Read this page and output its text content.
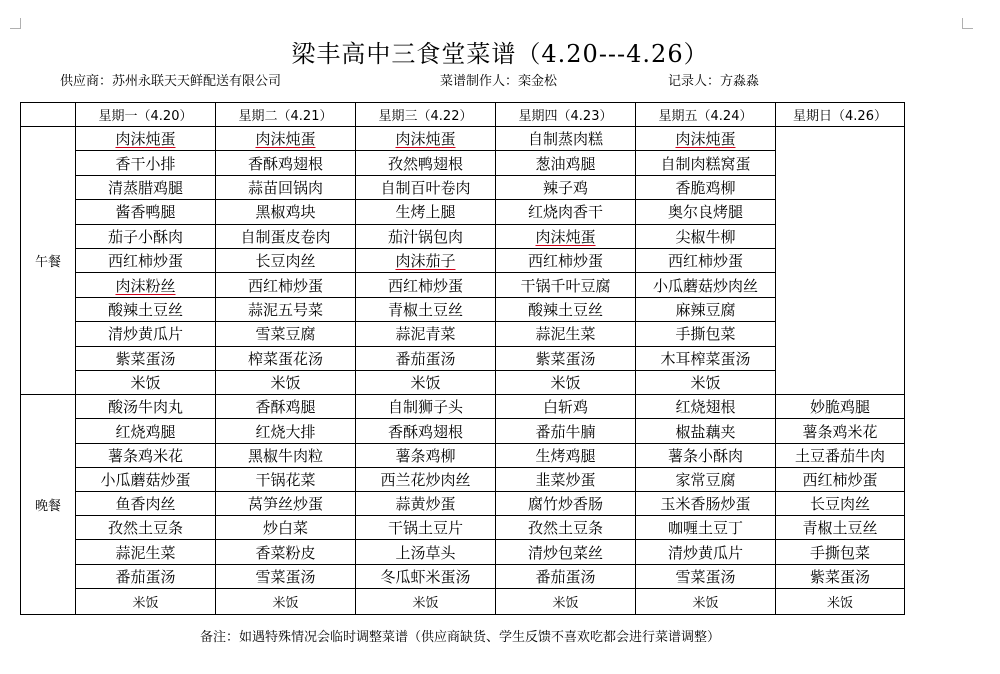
梁丰高中三食堂菜谱（4.20---4.26）
供应商：苏州永联天天鲜配送有限公司	菜谱制作人：栾金松	记录人：方淼淼
	星期一（4.20）	星期二（4.21）	星期三（4.22）	星期四（4.23）	星期五（4.24）	星期日（4.26）
午餐	肉沫炖蛋	肉沫炖蛋	肉沫炖蛋	自制蒸肉糕	肉沫炖蛋	
	香干小排	香酥鸡翅根	孜然鸭翅根	葱油鸡腿	自制肉糕窝蛋	
	清蒸腊鸡腿	蒜苗回锅肉	自制百叶卷肉	辣子鸡	香脆鸡柳	
	酱香鸭腿	黑椒鸡块	生烤上腿	红烧肉香干	奥尔良烤腿	
	茄子小酥肉	自制蛋皮卷肉	茄汁锅包肉	肉沫炖蛋	尖椒牛柳	
	西红柿炒蛋	长豆肉丝	肉沫茄子	西红柿炒蛋	西红柿炒蛋	
	肉沫粉丝	西红柿炒蛋	西红柿炒蛋	干锅千叶豆腐	小瓜蘑菇炒肉丝	
	酸辣土豆丝	蒜泥五号菜	青椒土豆丝	酸辣土豆丝	麻辣豆腐	
	清炒黄瓜片	雪菜豆腐	蒜泥青菜	蒜泥生菜	手撕包菜	
	紫菜蛋汤	榨菜蛋花汤	番茄蛋汤	紫菜蛋汤	木耳榨菜蛋汤	
	米饭	米饭	米饭	米饭	米饭	
晚餐	酸汤牛肉丸	香酥鸡腿	自制狮子头	白斩鸡	红烧翅根	妙脆鸡腿
	红烧鸡腿	红烧大排	香酥鸡翅根	番茄牛腩	椒盐藕夹	薯条鸡米花
	薯条鸡米花	黑椒牛肉粒	薯条鸡柳	生烤鸡腿	薯条小酥肉	土豆番茄牛肉
	小瓜蘑菇炒蛋	干锅花菜	西兰花炒肉丝	韭菜炒蛋	家常豆腐	西红柿炒蛋
	鱼香肉丝	莴笋丝炒蛋	蒜黄炒蛋	腐竹炒香肠	玉米香肠炒蛋	长豆肉丝
	孜然土豆条	炒白菜	干锅土豆片	孜然土豆条	咖喱土豆丁	青椒土豆丝
	蒜泥生菜	香菜粉皮	上汤草头	清炒包菜丝	清炒黄瓜片	手撕包菜
	番茄蛋汤	雪菜蛋汤	冬瓜虾米蛋汤	番茄蛋汤	雪菜蛋汤	紫菜蛋汤
	米饭	米饭	米饭	米饭	米饭	米饭
备注：如遇特殊情况会临时调整菜谱（供应商缺货、学生反馈不喜欢吃都会进行菜谱调整）
